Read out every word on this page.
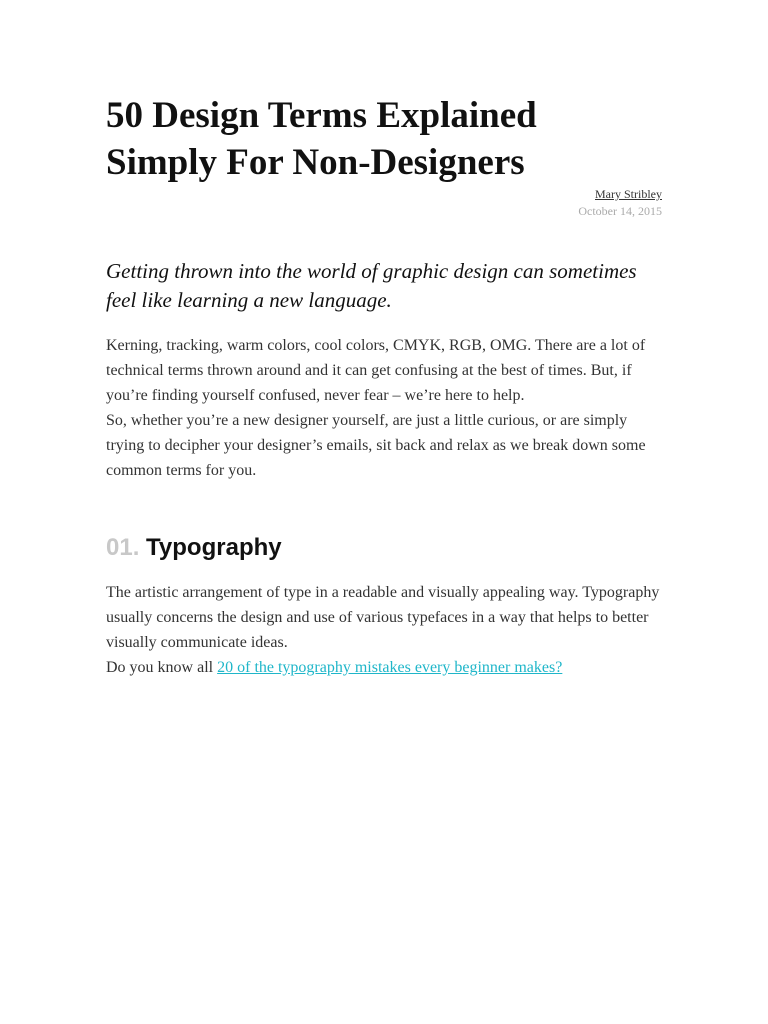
50 Design Terms Explained
Simply For Non-Designers
Mary Stribley
October 14, 2015

Getting thrown into the world of graphic design can sometimes feel like learning a new language.

Kerning, tracking, warm colors, cool colors, CMYK, RGB, OMG. There are a lot of technical terms thrown around and it can get confusing at the best of times. But, if you’re finding yourself confused, never fear – we’re here to help.

So, whether you’re a new designer yourself, are just a little curious, or are simply trying to decipher your designer’s emails, sit back and relax as we break down some common terms for you.

01. Typography

The artistic arrangement of type in a readable and visually appealing way. Typography usually concerns the design and use of various typefaces in a way that helps to better visually communicate ideas.

Do you know all 20 of the typography mistakes every beginner makes?
